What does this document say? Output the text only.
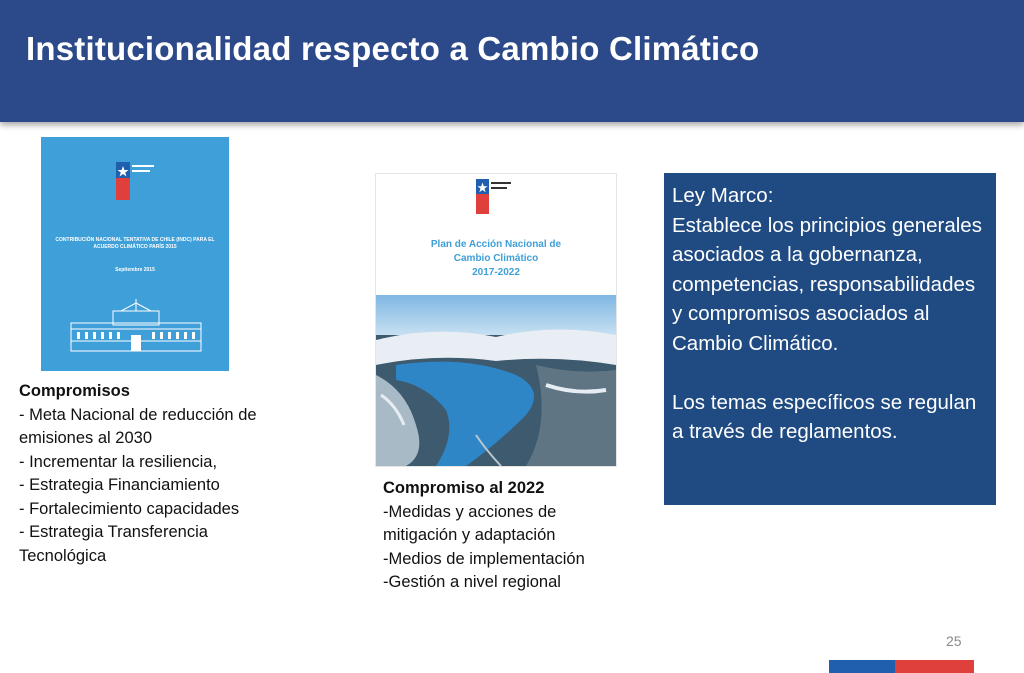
Institucionalidad respecto a Cambio Climático
CONTRIBUCIÓN NACIONAL TENTATIVA DE CHILE (INDC) PARA EL ACUERDO CLIMÁTICO PARÍS 2015
Septiembre 2015
Compromisos
- Meta Nacional de reducción de emisiones al 2030
- Incrementar la resiliencia,
- Estrategia Financiamiento
- Fortalecimiento capacidades
- Estrategia Transferencia Tecnológica
Plan de Acción Nacional de
Cambio Climático
2017-2022
Compromiso al 2022
-Medidas y acciones de mitigación y adaptación
-Medios de implementación
-Gestión a nivel regional

Ley Marco:

Establece los principios generales asociados a la gobernanza, competencias, responsabilidades y compromisos asociados al Cambio Climático.

Los temas específicos se regulan a través de reglamentos.

25
